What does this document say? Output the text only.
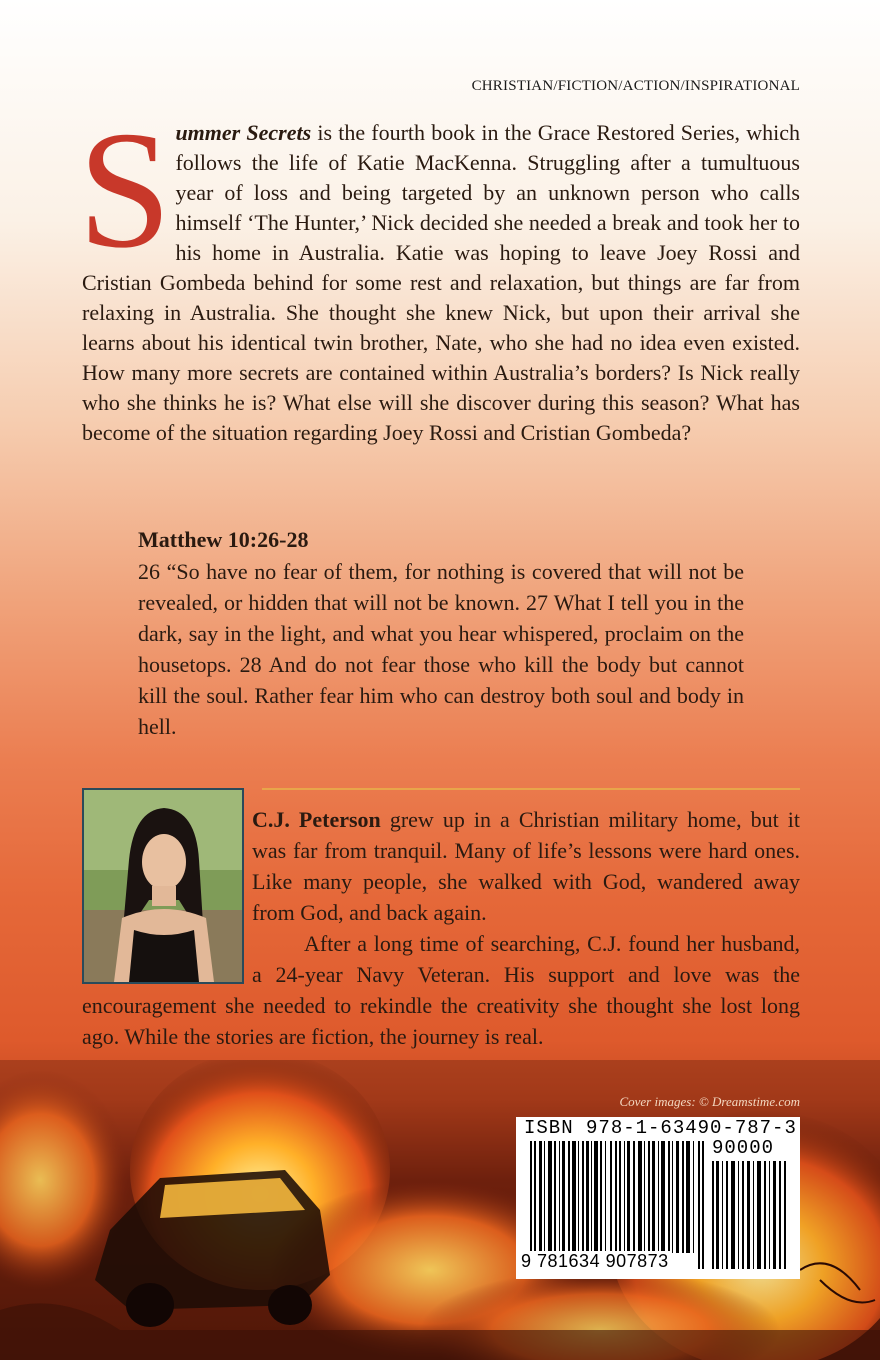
CHRISTIAN/FICTION/ACTION/INSPIRATIONAL

Summer Secrets is the fourth book in the Grace Restored Series, which follows the life of Katie MacKenna. Struggling after a tumultuous year of loss and being targeted by an unknown person who calls himself ‘The Hunter,’ Nick decided she needed a break and took her to his home in Australia. Katie was hoping to leave Joey Rossi and Cristian Gombeda behind for some rest and relaxation, but things are far from relaxing in Australia. She thought she knew Nick, but upon their arrival she learns about his identical twin brother, Nate, who she had no idea even existed. How many more secrets are contained within Australia’s borders? Is Nick really who she thinks he is? What else will she discover during this season? What has become of the situation regarding Joey Rossi and Cristian Gombeda?

Matthew 10:26-28

26 “So have no fear of them, for nothing is covered that will not be revealed, or hidden that will not be known. 27 What I tell you in the dark, say in the light, and what you hear whispered, proclaim on the housetops. 28 And do not fear those who kill the body but cannot kill the soul. Rather fear him who can destroy both soul and body in hell.

C.J. Peterson grew up in a Christian military home, but it was far from tranquil. Many of life’s lessons were hard ones. Like many people, she walked with God, wandered away from God, and back again.
After a long time of searching, C.J. found her husband, a 24-year Navy Veteran. His support and love was the encouragement she needed to rekindle the creativity she thought she lost long ago. While the stories are fiction, the journey is real.

Cover images: © Dreamstime.com
ISBN 978-1-63490-787-3
90000
9 781634 907873
